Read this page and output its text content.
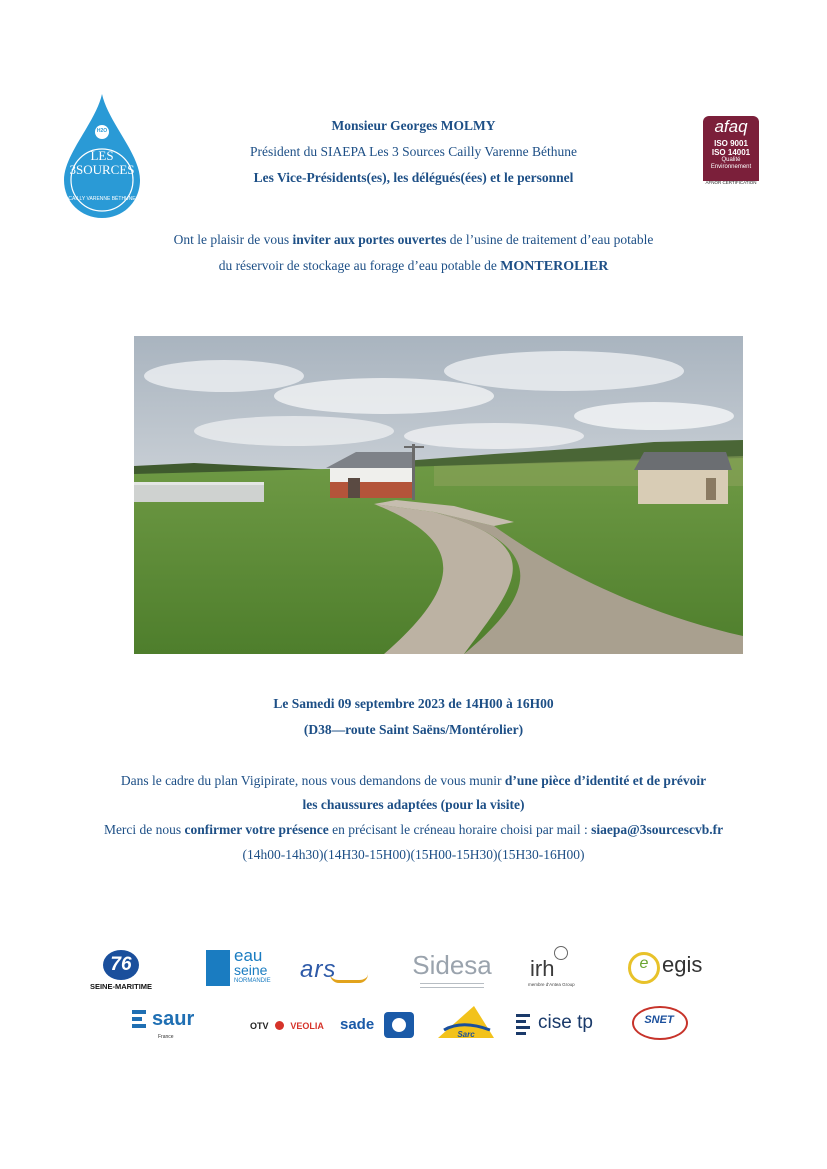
H2O
LES
3SOURCES
CAILLY VARENNE BÉTHUNE
afaq
ISO 9001
ISO 14001
Qualité
Environnement
AFNOR CERTIFICATION
Monsieur Georges MOLMY
Président du SIAEPA Les 3 Sources Cailly Varenne Béthune
Les Vice-Présidents(es), les délégués(ées) et le personnel
Ont le plaisir de vous inviter aux portes ouvertes de l’usine de traitement d’eau potable
du réservoir de stockage au forage d’eau potable de MONTEROLIER
Le Samedi 09 septembre 2023 de 14H00 à 16H00
(D38—route Saint Saëns/Montérolier)
Dans le cadre du plan Vigipirate, nous vous demandons de vous munir d’une pièce d’identité et de prévoir
les chaussures adaptées (pour la visite)
Merci de nous confirmer votre présence en précisant le créneau horaire choisi par mail : siaepa@3sourcescvb.fr
(14h00-14h30)(14H30-15H00)(15H00-15H30)(15H30-16H00)
76
SEINE-MARITIME
eau
seine
NORMANDIE ars	Sidesa irh
membre d'Antea Group
e egis
saur
France
OTV VEOLIA	sade
Sarc
cise tp	SNET
